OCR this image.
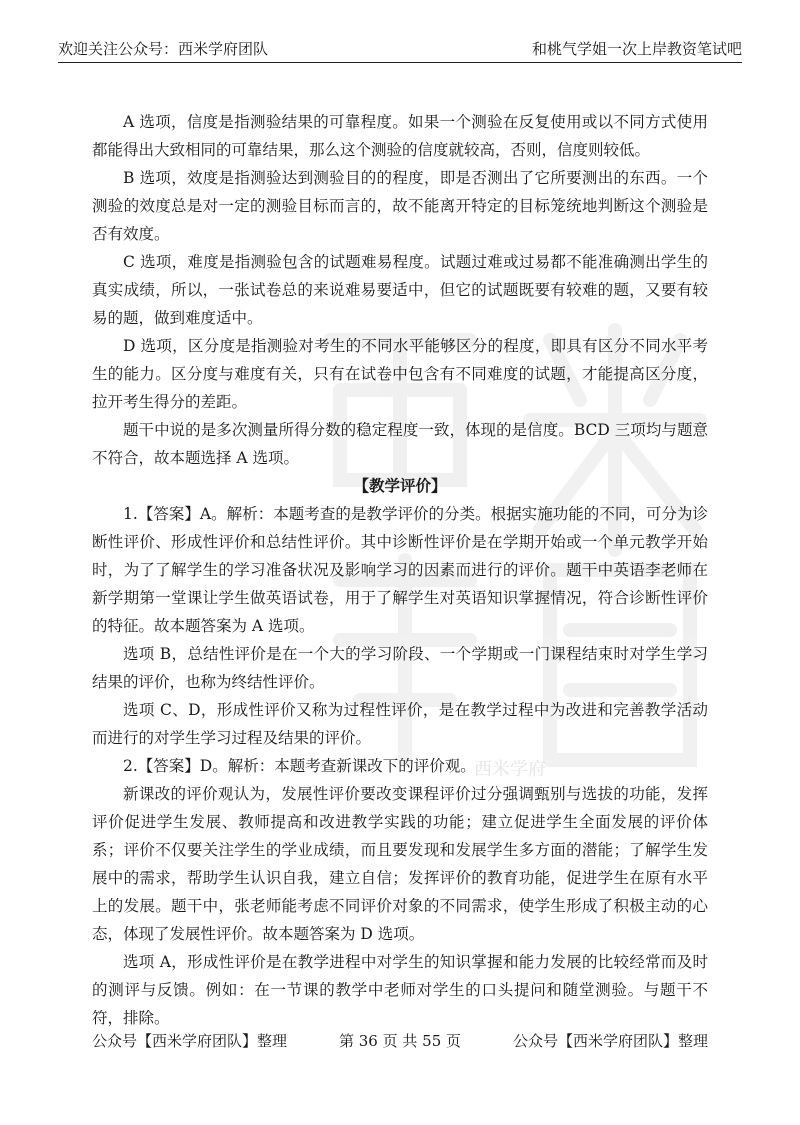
欢迎关注公众号：西米学府团队	和桃气学姐一次上岸教资笔试吧
西米学府

A 选项，信度是指测验结果的可靠程度。如果一个测验在反复使用或以不同方式使用都能得出大致相同的可靠结果，那么这个测验的信度就较高，否则，信度则较低。

B 选项，效度是指测验达到测验目的的程度，即是否测出了它所要测出的东西。一个测验的效度总是对一定的测验目标而言的，故不能离开特定的目标笼统地判断这个测验是否有效度。

C 选项，难度是指测验包含的试题难易程度。试题过难或过易都不能准确测出学生的真实成绩，所以，一张试卷总的来说难易要适中，但它的试题既要有较难的题，又要有较易的题，做到难度适中。

D 选项，区分度是指测验对考生的不同水平能够区分的程度，即具有区分不同水平考生的能力。区分度与难度有关，只有在试卷中包含有不同难度的试题，才能提高区分度，拉开考生得分的差距。

题干中说的是多次测量所得分数的稳定程度一致，体现的是信度。BCD 三项均与题意不符合，故本题选择 A 选项。

【教学评价】

1.【答案】A。解析：本题考查的是教学评价的分类。根据实施功能的不同，可分为诊断性评价、形成性评价和总结性评价。其中诊断性评价是在学期开始或一个单元教学开始时，为了了解学生的学习准备状况及影响学习的因素而进行的评价。题干中英语李老师在新学期第一堂课让学生做英语试卷，用于了解学生对英语知识掌握情况，符合诊断性评价的特征。故本题答案为 A 选项。

选项 B，总结性评价是在一个大的学习阶段、一个学期或一门课程结束时对学生学习结果的评价，也称为终结性评价。

选项 C、D，形成性评价又称为过程性评价，是在教学过程中为改进和完善教学活动而进行的对学生学习过程及结果的评价。

2.【答案】D。解析：本题考查新课改下的评价观。

新课改的评价观认为，发展性评价要改变课程评价过分强调甄别与选拔的功能，发挥评价促进学生发展、教师提高和改进教学实践的功能；建立促进学生全面发展的评价体系；评价不仅要关注学生的学业成绩，而且要发现和发展学生多方面的潜能；了解学生发展中的需求，帮助学生认识自我，建立自信；发挥评价的教育功能，促进学生在原有水平上的发展。题干中，张老师能考虑不同评价对象的不同需求，使学生形成了积极主动的心态，体现了发展性评价。故本题答案为 D 选项。

选项 A，形成性评价是在教学进程中对学生的知识掌握和能力发展的比较经常而及时的测评与反馈。例如：在一节课的教学中老师对学生的口头提问和随堂测验。与题干不符，排除。

公众号【西米学府团队】整理	第 36 页 共 55 页	公众号【西米学府团队】整理
